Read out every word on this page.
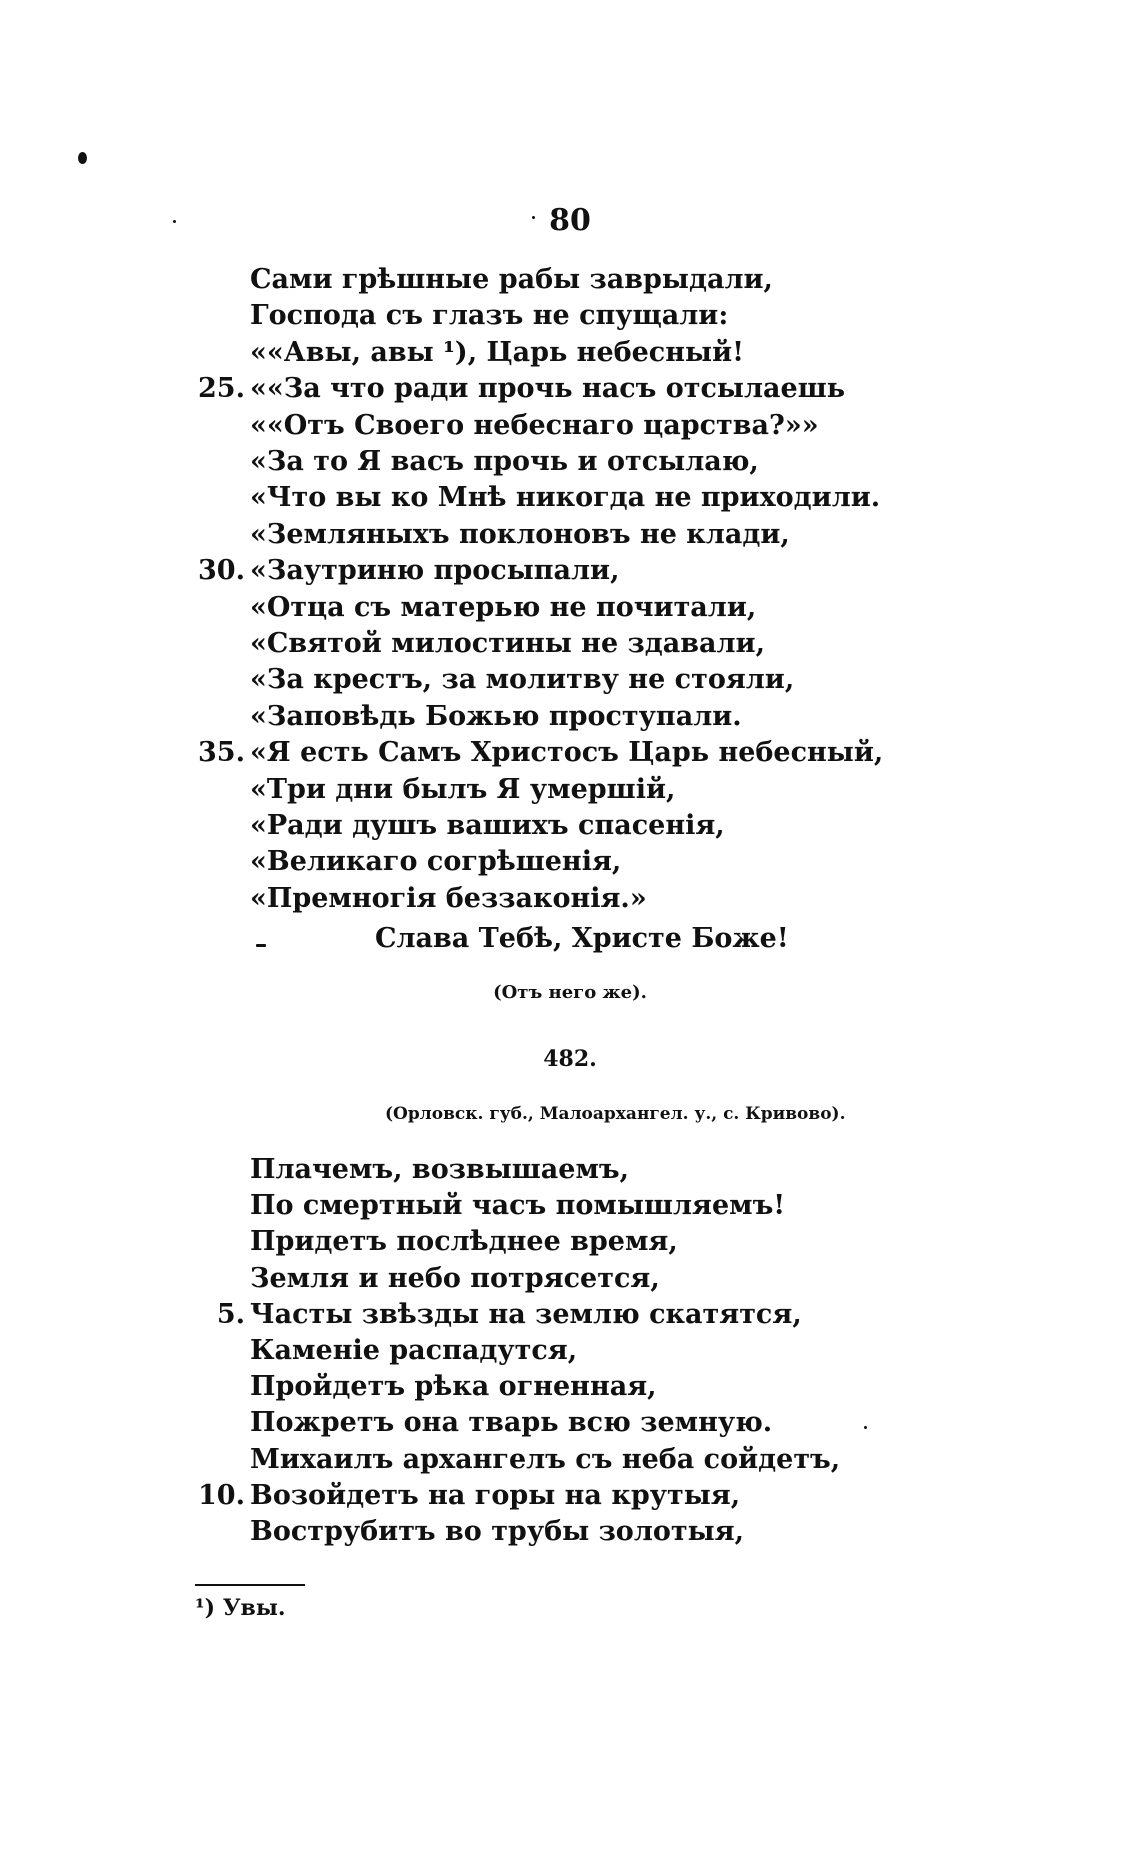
80
Сами грѣшные рабы заврыдали,
Господа съ глазъ не спущали:
««Авы, авы ¹), Царь небесный!
25. ««За что ради прочь насъ отсылаешь
««Отъ Своего небеснаго царства?»»
«За то Я васъ прочь и отсылаю,
«Что вы ко Мнѣ никогда не приходили.
«Земляныхъ поклоновъ не клади,
30. «Заутриню просыпали,
«Отца съ матерью не почитали,
«Святой милостины не здавали,
«За крестъ, за молитву не стояли,
«Заповѣдь Божью проступали.
35. «Я есть Самъ Христосъ Царь небесный,
«Три дни былъ Я умершій,
«Ради душъ вашихъ спасенія,
«Великаго согрѣшенія,
«Премногія беззаконія.»
Слава Тебѣ, Христе Боже!
(Отъ него же).
482.
(Орловск. губ., Малоархангел. у., с. Кривово).
Плачемъ, возвышаемъ,
По смертный часъ помышляемъ!
Придетъ послѣднее время,
Земля и небо потрясется,
5. Часты звѣзды на землю скатятся,
Каменіе распадутся,
Пройдетъ рѣка огненная,
Пожретъ она тварь всю земную.
Михаилъ архангелъ съ неба сойдетъ,
10. Возойдетъ на горы на крутыя,
Вострубитъ во трубы золотыя,
¹) Увы.
